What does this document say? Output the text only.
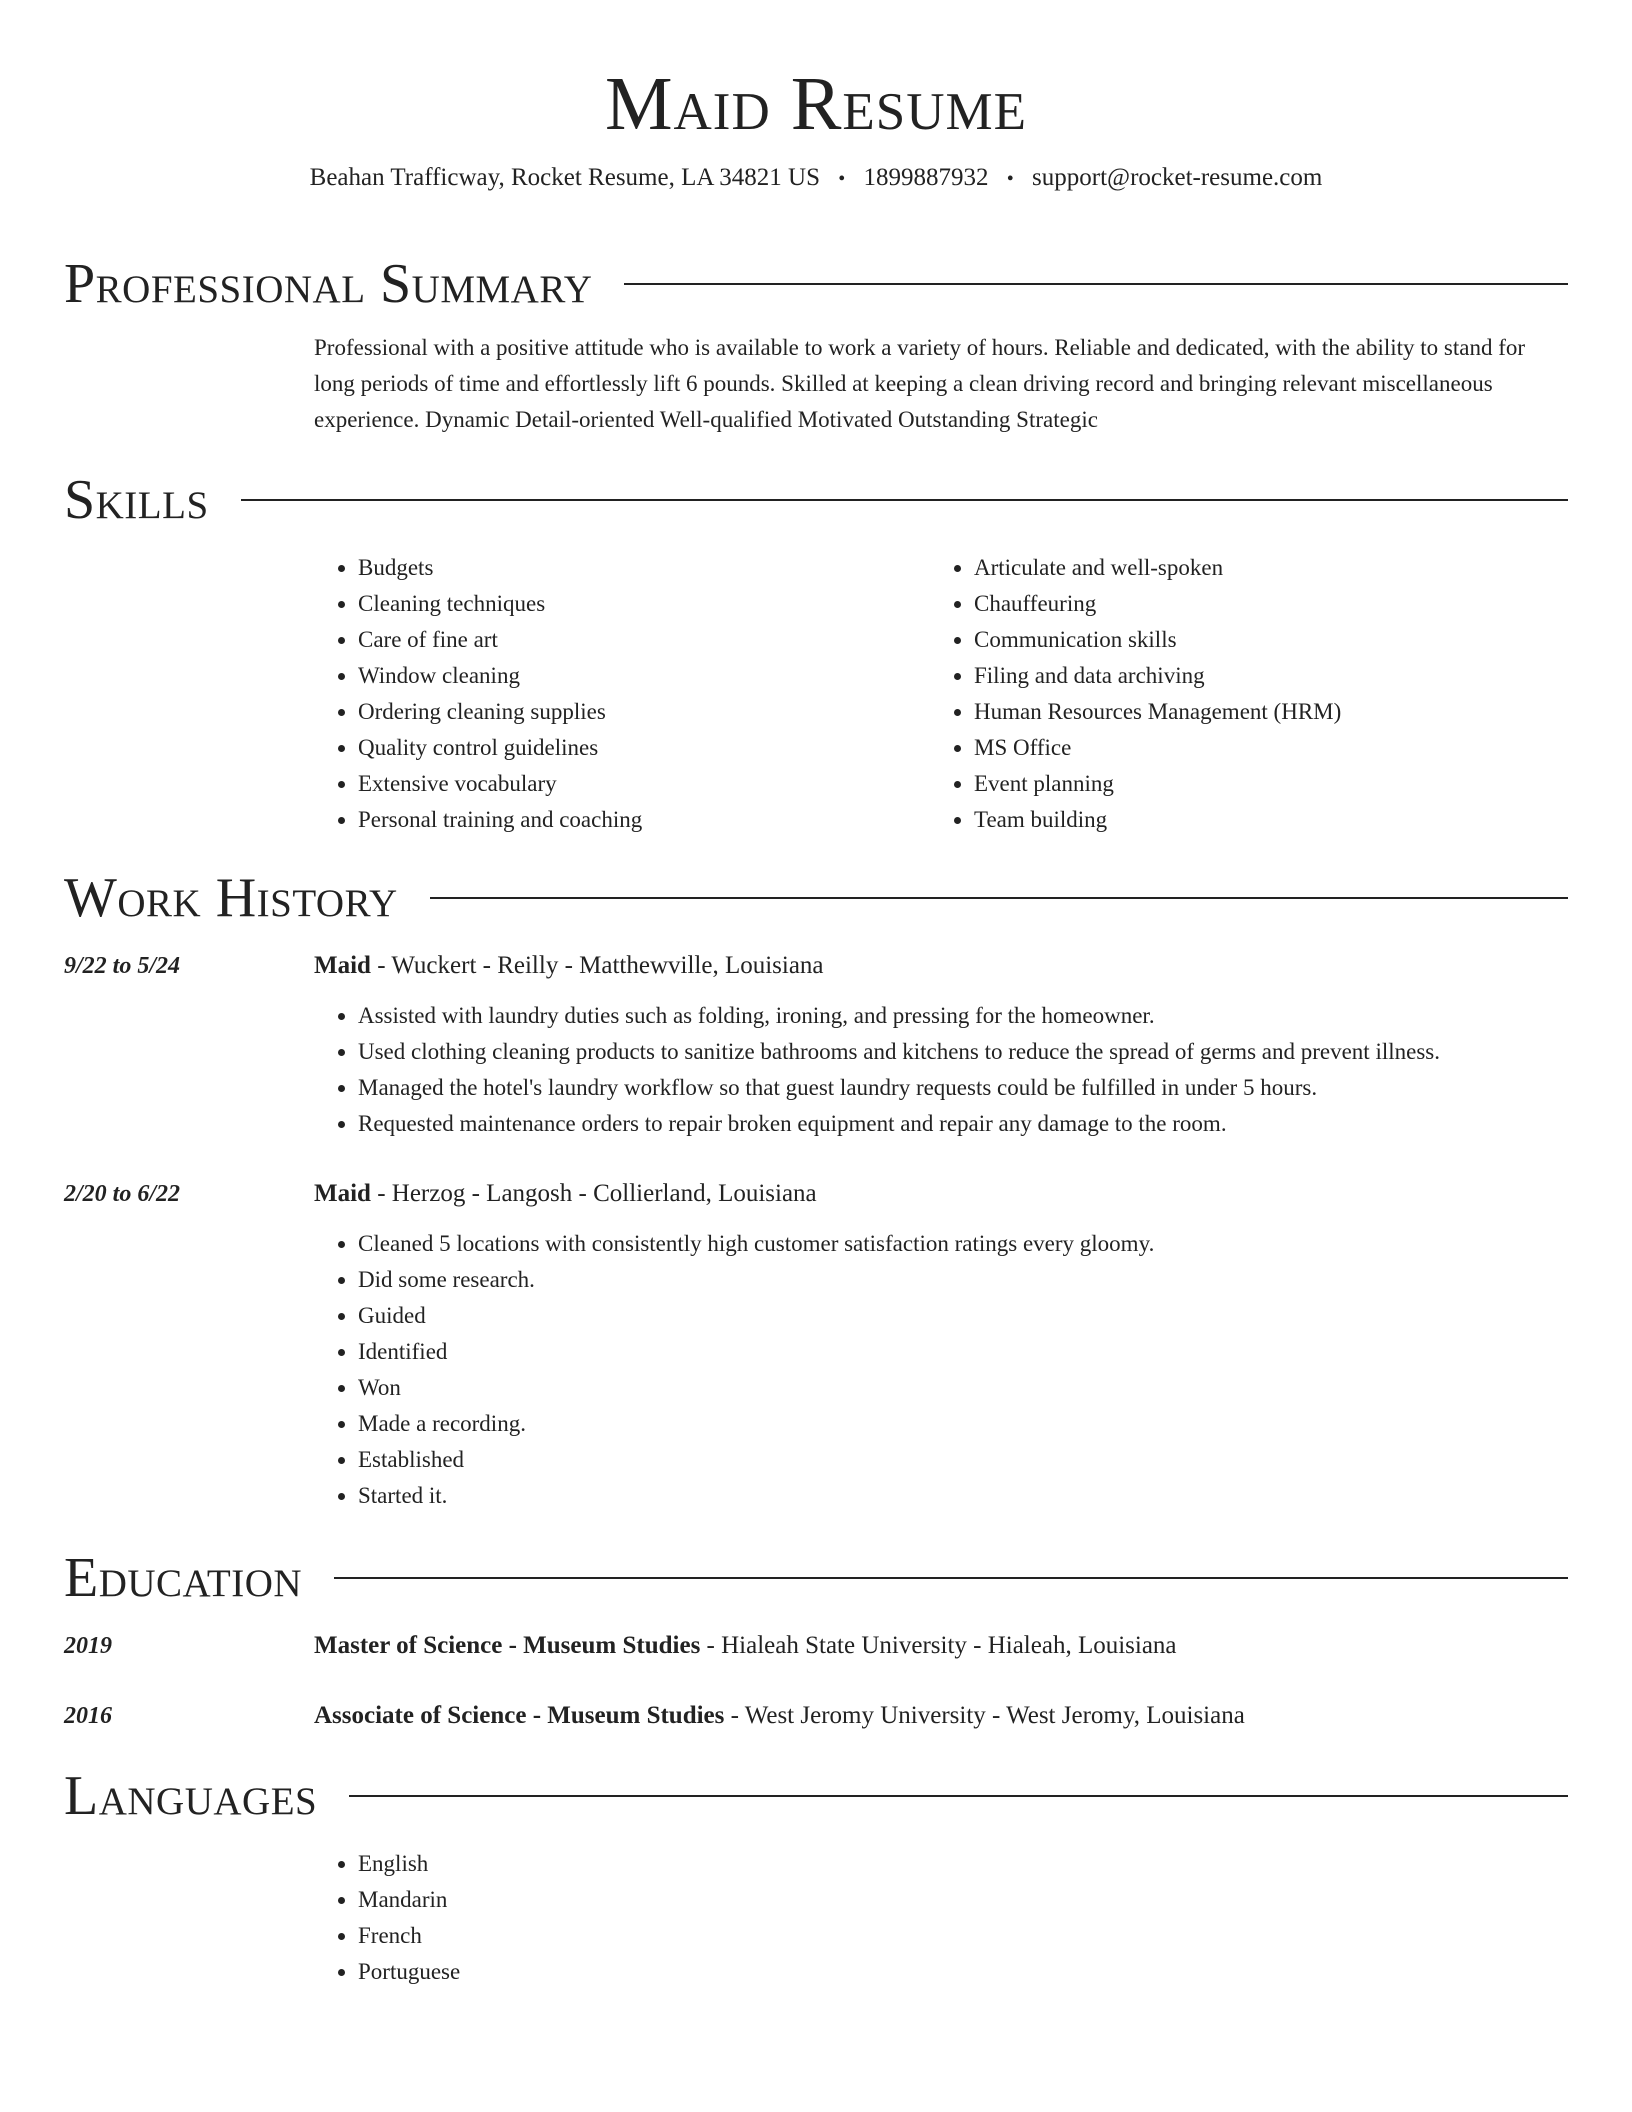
Maid Resume
Beahan Trafficway, Rocket Resume, LA 34821 US • 1899887932 • support@rocket-resume.com
Professional Summary
Professional with a positive attitude who is available to work a variety of hours. Reliable and dedicated, with the ability to stand for long periods of time and effortlessly lift 6 pounds. Skilled at keeping a clean driving record and bringing relevant miscellaneous experience. Dynamic Detail-oriented Well-qualified Motivated Outstanding Strategic
Skills
• Budgets
• Cleaning techniques
• Care of fine art
• Window cleaning
• Ordering cleaning supplies
• Quality control guidelines
• Extensive vocabulary
• Personal training and coaching
• Articulate and well-spoken
• Chauffeuring
• Communication skills
• Filing and data archiving
• Human Resources Management (HRM)
• MS Office
• Event planning
• Team building
Work History
9/22 to 5/24	Maid - Wuckert - Reilly - Matthewville, Louisiana
• Assisted with laundry duties such as folding, ironing, and pressing for the homeowner.
• Used clothing cleaning products to sanitize bathrooms and kitchens to reduce the spread of germs and prevent illness.
• Managed the hotel's laundry workflow so that guest laundry requests could be fulfilled in under 5 hours.
• Requested maintenance orders to repair broken equipment and repair any damage to the room.
2/20 to 6/22	Maid - Herzog - Langosh - Collierland, Louisiana
• Cleaned 5 locations with consistently high customer satisfaction ratings every gloomy.
• Did some research.
• Guided
• Identified
• Won
• Made a recording.
• Established
• Started it.
Education
2019	Master of Science - Museum Studies - Hialeah State University - Hialeah, Louisiana
2016	Associate of Science - Museum Studies - West Jeromy University - West Jeromy, Louisiana
Languages
• English
• Mandarin
• French
• Portuguese
